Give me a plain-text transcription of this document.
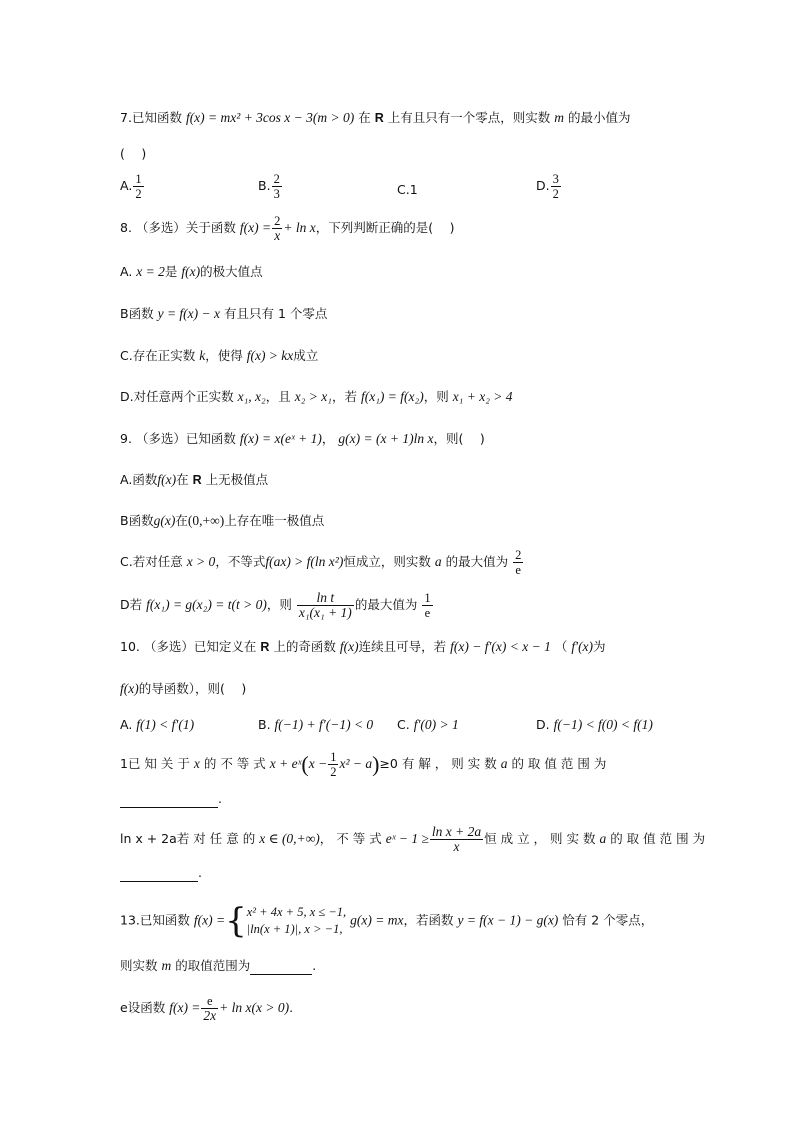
7.已知函数 f(x) = mx² + 3cos x − 3(m > 0) 在 R 上有且只有一个零点，则实数 m 的最小值为
(　 )
A. $\frac{1}{2}$	B. $\frac{2}{3}$	C.1	D. $\frac{3}{2}$
8. （多选）关于函数 $f(x) = \frac{2}{x} + \ln x$，下列判断正确的是(　 )
A. x = 2是 f(x)的极大值点
B函数 y = f(x) − x 有且只有 1 个零点
C.存在正实数 k，使得 f(x) > kx成立
D.对任意两个正实数 x₁, x₂，且 x₂ > x₁，若 f(x₁) = f(x₂)，则 x₁ + x₂ > 4
9. （多选）已知函数 f(x) = x(eˣ + 1)， g(x) = (x + 1)ln x，则(　 )
A.函数f(x)在 R 上无极值点
B函数g(x)在(0,+∞)上存在唯一极值点
C.若对任意 x > 0，不等式f(ax) > f(ln x²)恒成立，则实数 a 的最大值为 $\frac{2}{e}$
D若 f(x₁) = g(x₂) = t(t > 0)，则 $\frac{\text{ln t}}{\text{x₁(x₁ + 1)}}$ 的最大值为 $\frac{1}{e}$
10. （多选）已知定义在 R 上的奇函数 f(x)连续且可导，若 f(x) − f′(x) < x − 1 （ f′(x)为
f(x)的导函数），则(　 )
A. f(1) < f′(1)	B. f(−1) + f′(−1) < 0 C. f′(0) > 1	D. f(−1) < f(0) < f(1)
1已 知 关 于 x 的 不 等 式 x + eˣ(x − $\frac{1}{2} x^2 - a)\ge 0$ 有 解 ， 则 实 数 a 的 取 值 范 围 为
.
ln x + 2a若 对 任 意 的 x ∈ (0,+∞)， 不 等 式 eˣ − $1 \ge \frac{\text{ln x + 2a}}{x}$ 恒 成 立 ， 则 实 数 a 的 取 值 范 围 为
.
13.已知函数 f(x) ={ x² + 4x + 5, x ≤ −1,
|ln(x + 1)|, x > −1,
g(x) = mx，若函数 y = f(x − 1) − g(x) 恰有 2 个零点，
则实数 m 的取值范围为	.
e设函数 $f(x) = \frac{e}{2x} + \ln x(x > 0)$.
